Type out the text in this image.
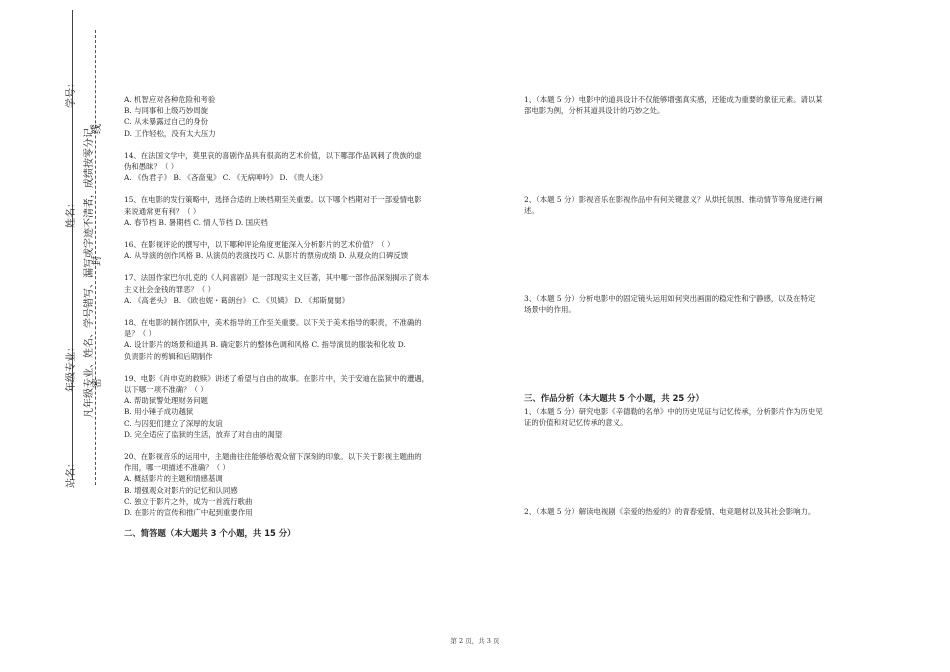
学号：
姓名：
年级专业：
站名：
凡年级专业、姓名、学号错写、漏写或字迹不清者，成绩按零分记。
密
封
线

A. 机智应对各种危险和考验

B. 与同事和上级巧妙周旋

C. 从未暴露过自己的身份

D. 工作轻松，没有太大压力

14、在法国文学中，莫里哀的喜剧作品具有很高的艺术价值，以下哪部作品讽刺了贵族的虚

伪和愚昧？（ ）

A. 《伪君子》 B. 《吝啬鬼》 C. 《无病呻吟》 D. 《贵人迷》

15、在电影的发行策略中，选择合适的上映档期至关重要。以下哪个档期对于一部爱情电影

来说通常更有利？（ ）

A. 春节档 B. 暑期档 C. 情人节档 D. 国庆档

16、在影视评论的撰写中，以下哪种评论角度更能深入分析影片的艺术价值？（ ）

A. 从导演的创作风格 B. 从演员的表演技巧 C. 从影片的票房成绩 D. 从观众的口碑反馈

17、法国作家巴尔扎克的《人间喜剧》是一部现实主义巨著，其中哪一部作品深刻揭示了资本

主义社会金钱的罪恶？（ ）

A. 《高老头》 B. 《欧也妮・葛朗台》 C. 《贝姨》 D. 《邦斯舅舅》

18、在电影的制作团队中，美术指导的工作至关重要。以下关于美术指导的职责，不准确的

是？（ ）

A. 设计影片的场景和道具 B. 确定影片的整体色调和风格 C. 指导演员的服装和化妆 D.

负责影片的剪辑和后期制作

19、电影《肖申克的救赎》讲述了希望与自由的故事。在影片中，关于安迪在监狱中的遭遇，

以下哪一项不准确？（ ）

A. 帮助狱警处理财务问题

B. 用小锤子成功越狱

C. 与囚犯们建立了深厚的友谊

D. 完全适应了监狱的生活，放弃了对自由的渴望

20、在影视音乐的运用中，主题曲往往能够给观众留下深刻的印象。以下关于影视主题曲的

作用，哪一项描述不准确？（ ）

A. 概括影片的主题和情感基调

B. 增强观众对影片的记忆和认同感

C. 独立于影片之外，成为一首流行歌曲

D. 在影片的宣传和推广中起到重要作用

二、简答题（本大题共 3 个小题，共 15 分）

1、（本题 5 分）电影中的道具设计不仅能够增强真实感，还能成为重要的象征元素。请以某

部电影为例，分析其道具设计的巧妙之处。

2、（本题 5 分）影视音乐在影视作品中有何关键意义？从烘托氛围、推动情节等角度进行阐

述。

3、（本题 5 分）分析电影中的固定镜头运用如何突出画面的稳定性和宁静感，以及在特定

场景中的作用。

三、作品分析（本大题共 5 个小题，共 25 分）

1、（本题 5 分）研究电影《辛德勒的名单》中的历史见证与记忆传承，分析影片作为历史见

证的价值和对记忆传承的意义。

2、（本题 5 分）解读电视剧《亲爱的热爱的》的青春爱情、电竞题材以及其社会影响力。

第 2 页，共 3 页
